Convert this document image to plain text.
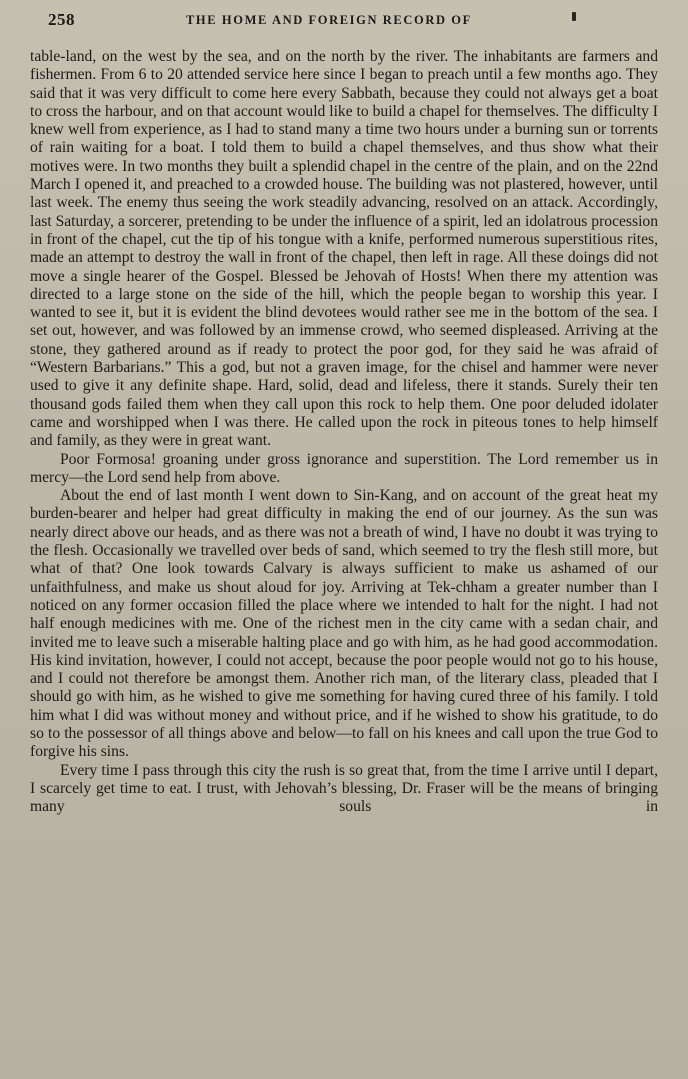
258	THE HOME AND FOREIGN RECORD OF

table-land, on the west by the sea, and on the north by the river. The inhabitants are farmers and fishermen. From 6 to 20 attended service here since I began to preach until a few months ago. They said that it was very difficult to come here every Sabbath, because they could not always get a boat to cross the harbour, and on that account would like to build a chapel for themselves. The difficulty I knew well from experience, as I had to stand many a time two hours under a burning sun or torrents of rain waiting for a boat. I told them to build a chapel themselves, and thus show what their motives were. In two months they built a splendid chapel in the centre of the plain, and on the 22nd March I opened it, and preached to a crowded house. The building was not plastered, however, until last week. The enemy thus seeing the work steadily advancing, resolved on an attack. Accordingly, last Saturday, a sorcerer, pretending to be under the influence of a spirit, led an idolatrous procession in front of the chapel, cut the tip of his tongue with a knife, performed numerous superstitious rites, made an attempt to destroy the wall in front of the chapel, then left in rage. All these doings did not move a single hearer of the Gospel. Blessed be Jehovah of Hosts! When there my attention was directed to a large stone on the side of the hill, which the people began to worship this year. I wanted to see it, but it is evident the blind devotees would rather see me in the bottom of the sea. I set out, however, and was followed by an immense crowd, who seemed displeased. Arriving at the stone, they gathered around as if ready to protect the poor god, for they said he was afraid of “Western Barbarians.” This a god, but not a graven image, for the chisel and hammer were never used to give it any definite shape. Hard, solid, dead and lifeless, there it stands. Surely their ten thousand gods failed them when they call upon this rock to help them. One poor deluded idolater came and worshipped when I was there. He called upon the rock in piteous tones to help himself and family, as they were in great want.

Poor Formosa! groaning under gross ignorance and superstition. The Lord remember us in mercy—the Lord send help from above.

About the end of last month I went down to Sin-Kang, and on account of the great heat my burden-bearer and helper had great difficulty in making the end of our journey. As the sun was nearly direct above our heads, and as there was not a breath of wind, I have no doubt it was trying to the flesh. Occasionally we travelled over beds of sand, which seemed to try the flesh still more, but what of that? One look towards Calvary is always sufficient to make us ashamed of our unfaithfulness, and make us shout aloud for joy. Arriving at Tek-chham a greater number than I noticed on any former occasion filled the place where we intended to halt for the night. I had not half enough medicines with me. One of the richest men in the city came with a sedan chair, and invited me to leave such a miserable halting place and go with him, as he had good accommodation. His kind invitation, however, I could not accept, because the poor people would not go to his house, and I could not therefore be amongst them. Another rich man, of the literary class, pleaded that I should go with him, as he wished to give me something for having cured three of his family. I told him what I did was without money and without price, and if he wished to show his gratitude, to do so to the possessor of all things above and below—to fall on his knees and call upon the true God to forgive his sins.

Every time I pass through this city the rush is so great that, from the time I arrive until I depart, I scarcely get time to eat. I trust, with Jehovah’s blessing, Dr. Fraser will be the means of bringing many souls in
